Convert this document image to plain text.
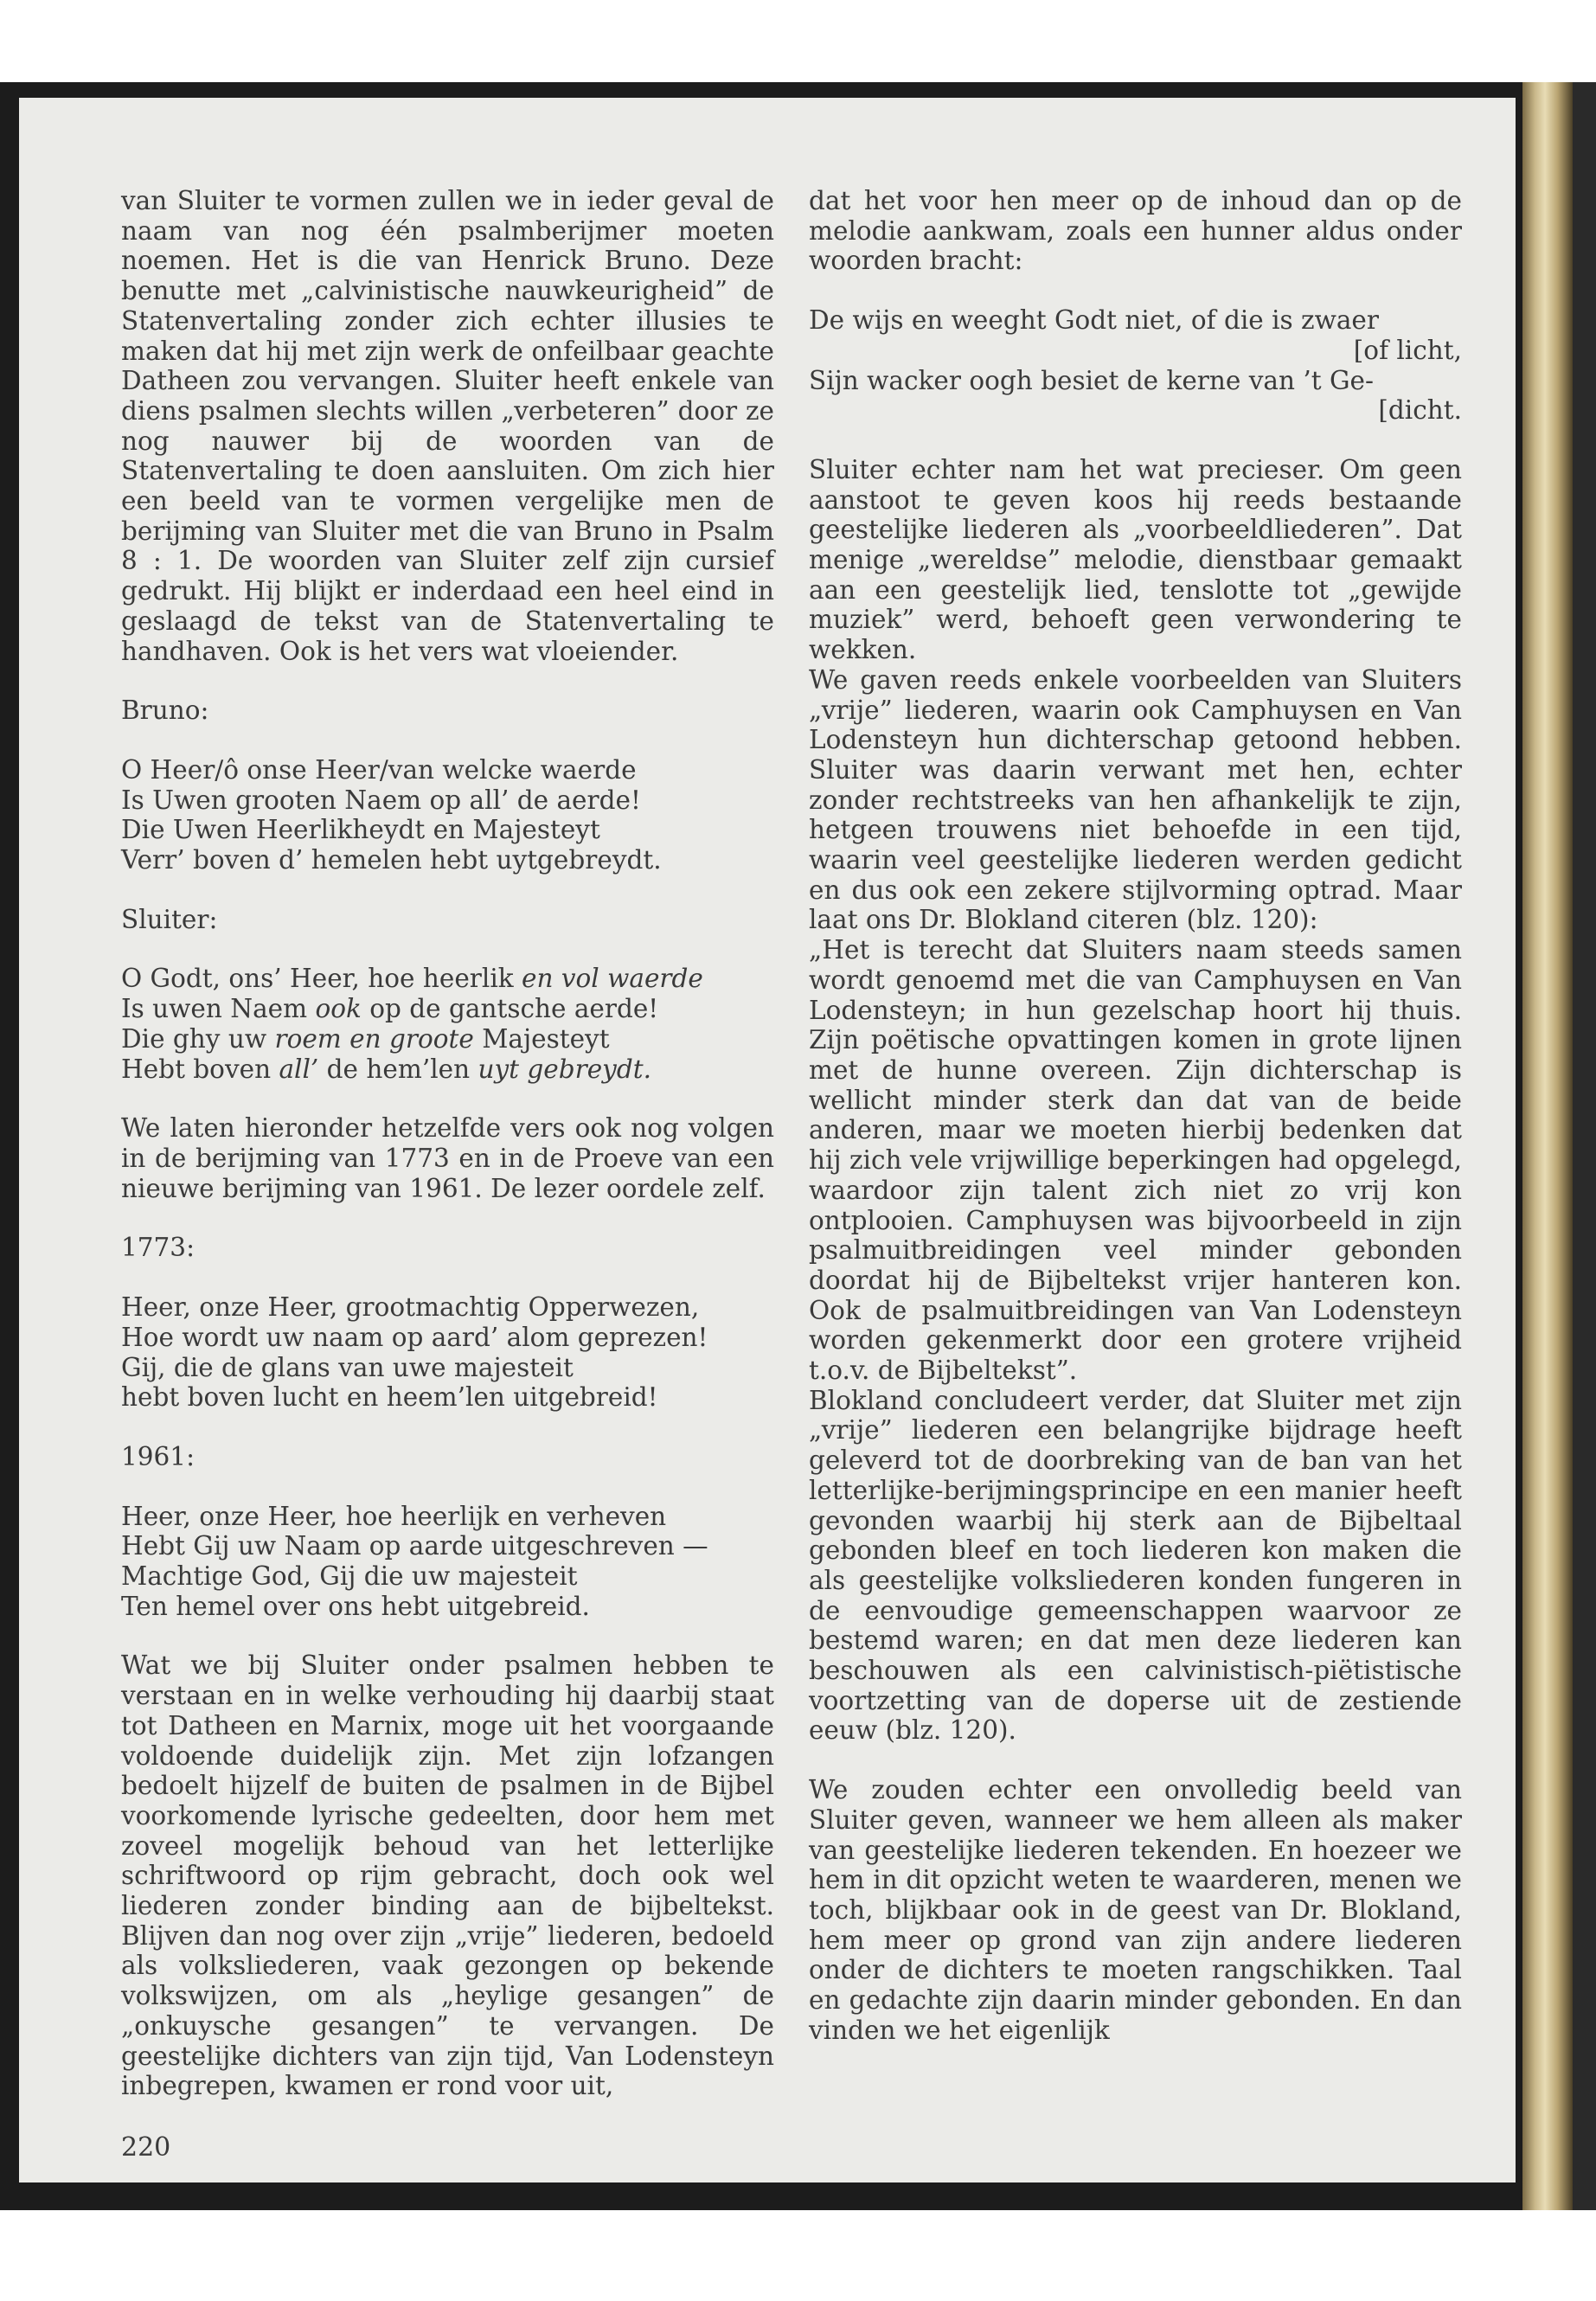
van Sluiter te vormen zullen we in ieder geval de naam van nog één psalmberijmer moeten noemen. Het is die van Henrick Bruno. Deze benutte met „calvinistische nauwkeurigheid” de Statenvertaling zonder zich echter illusies te maken dat hij met zijn werk de onfeilbaar geachte Datheen zou vervangen. Sluiter heeft enkele van diens psalmen slechts willen „verbeteren” door ze nog nauwer bij de woorden van de Statenvertaling te doen aansluiten. Om zich hier een beeld van te vormen vergelijke men de berijming van Sluiter met die van Bruno in Psalm 8 : 1. De woorden van Sluiter zelf zijn cursief gedrukt. Hij blijkt er inderdaad een heel eind in geslaagd de tekst van de Statenvertaling te handhaven. Ook is het vers wat vloeiender.

Bruno:

O Heer/ô onse Heer/van welcke waerde
Is Uwen grooten Naem op all’ de aerde!
Die Uwen Heerlikheydt en Majesteyt
Verr’ boven d’ hemelen hebt uytgebreydt.

Sluiter:

O Godt, ons’ Heer, hoe heerlik en vol waerde
Is uwen Naem ook op de gantsche aerde!
Die ghy uw roem en groote Majesteyt
Hebt boven all’ de hem’len uyt gebreydt.

We laten hieronder hetzelfde vers ook nog volgen in de berijming van 1773 en in de Proeve van een nieuwe berijming van 1961. De lezer oordele zelf.

1773:

Heer, onze Heer, grootmachtig Opperwezen,
Hoe wordt uw naam op aard’ alom geprezen!
Gij, die de glans van uwe majesteit
hebt boven lucht en heem’len uitgebreid!

1961:

Heer, onze Heer, hoe heerlijk en verheven
Hebt Gij uw Naam op aarde uitgeschreven —
Machtige God, Gij die uw majesteit
Ten hemel over ons hebt uitgebreid.

Wat we bij Sluiter onder psalmen hebben te verstaan en in welke verhouding hij daarbij staat tot Datheen en Marnix, moge uit het voorgaande voldoende duidelijk zijn. Met zijn lofzangen bedoelt hijzelf de buiten de psalmen in de Bijbel voorkomende lyrische gedeelten, door hem met zoveel mogelijk behoud van het letterlijke schriftwoord op rijm gebracht, doch ook wel liederen zonder binding aan de bijbeltekst. Blijven dan nog over zijn „vrije” liederen, bedoeld als volksliederen, vaak gezongen op bekende volkswijzen, om als „heylige gesangen” de „onkuysche gesangen” te vervangen. De geestelijke dichters van zijn tijd, Van Lodensteyn inbegrepen, kwamen er rond voor uit,

dat het voor hen meer op de inhoud dan op de melodie aankwam, zoals een hunner aldus onder woorden bracht:

De wijs en weeght Godt niet, of die is zwaer
[of licht,
Sijn wacker oogh besiet de kerne van ’t Ge-
[dicht.

Sluiter echter nam het wat precieser. Om geen aanstoot te geven koos hij reeds bestaande geestelijke liederen als „voorbeeldliederen”. Dat menige „wereldse” melodie, dienstbaar gemaakt aan een geestelijk lied, tenslotte tot „gewijde muziek” werd, behoeft geen verwondering te wekken.

We gaven reeds enkele voorbeelden van Sluiters „vrije” liederen, waarin ook Camphuysen en Van Lodensteyn hun dichterschap getoond hebben. Sluiter was daarin verwant met hen, echter zonder rechtstreeks van hen afhankelijk te zijn, hetgeen trouwens niet behoefde in een tijd, waarin veel geestelijke liederen werden gedicht en dus ook een zekere stijlvorming optrad. Maar laat ons Dr. Blokland citeren (blz. 120):

„Het is terecht dat Sluiters naam steeds samen wordt genoemd met die van Camphuysen en Van Lodensteyn; in hun gezelschap hoort hij thuis. Zijn poëtische opvattingen komen in grote lijnen met de hunne overeen. Zijn dichterschap is wellicht minder sterk dan dat van de beide anderen, maar we moeten hierbij bedenken dat hij zich vele vrijwillige beperkingen had opgelegd, waardoor zijn talent zich niet zo vrij kon ontplooien. Camphuysen was bijvoorbeeld in zijn psalmuitbreidingen veel minder gebonden doordat hij de Bijbeltekst vrijer hanteren kon. Ook de psalmuitbreidingen van Van Lodensteyn worden gekenmerkt door een grotere vrijheid t.o.v. de Bijbeltekst”.

Blokland concludeert verder, dat Sluiter met zijn „vrije” liederen een belangrijke bijdrage heeft geleverd tot de doorbreking van de ban van het letterlijke-berijmingsprincipe en een manier heeft gevonden waarbij hij sterk aan de Bijbeltaal gebonden bleef en toch liederen kon maken die als geestelijke volksliederen konden fungeren in de eenvoudige gemeenschappen waarvoor ze bestemd waren; en dat men deze liederen kan beschouwen als een calvinistisch-piëtistische voortzetting van de doperse uit de zestiende eeuw (blz. 120).

We zouden echter een onvolledig beeld van Sluiter geven, wanneer we hem alleen als maker van geestelijke liederen tekenden. En hoezeer we hem in dit opzicht weten te waarderen, menen we toch, blijkbaar ook in de geest van Dr. Blokland, hem meer op grond van zijn andere liederen onder de dichters te moeten rangschikken. Taal en gedachte zijn daarin minder gebonden. En dan vinden we het eigenlijk

220
